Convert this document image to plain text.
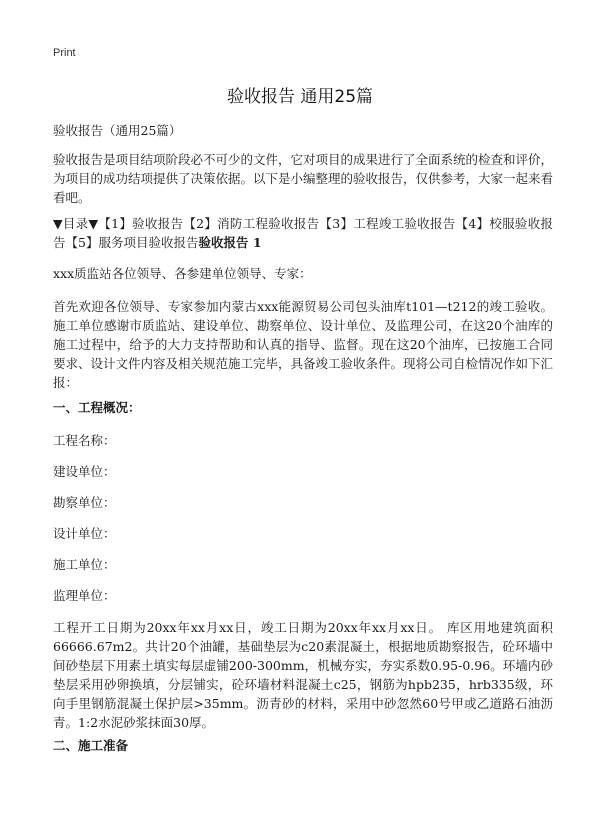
Print
验收报告 通用25篇

验收报告（通用25篇）

验收报告是项目结项阶段必不可少的文件，它对项目的成果进行了全面系统的检查和评价，为项目的成功结项提供了决策依据。以下是小编整理的验收报告，仅供参考，大家一起来看看吧。

▼目录▼【1】验收报告【2】消防工程验收报告【3】工程竣工验收报告【4】校服验收报告【5】服务项目验收报告验收报告 1

xxx质监站各位领导、各参建单位领导、专家：

首先欢迎各位领导、专家参加内蒙古xxx能源贸易公司包头油库t101—t212的竣工验收。施工单位感谢市质监站、建设单位、勘察单位、设计单位、及监理公司，在这20个油库的施工过程中，给予的大力支持帮助和认真的指导、监督。现在这20个油库，已按施工合同要求、设计文件内容及相关规范施工完毕，具备竣工验收条件。现将公司自检情况作如下汇报：

一、工程概况：
工程名称：
建设单位：
勘察单位：
设计单位：
施工单位：
监理单位：

工程开工日期为20xx年xx月xx日，竣工日期为20xx年xx月xx日。 库区用地建筑面积66666.67m2。共计20个油罐，基础垫层为c20素混凝土，根据地质勘察报告，砼环墙中间砂垫层下用素土填实每层虚铺200-300mm，机械夯实，夯实系数0.95-0.96。环墙内砂垫层采用砂卵换填，分层铺实，砼环墙材料混凝土c25，钢筋为hpb235，hrb335级，环向手里钢筋混凝土保护层>35mm。沥青砂的材料，采用中砂忽然60号甲或乙道路石油沥青。1:2水泥砂浆抹面30厚。

二、施工准备
